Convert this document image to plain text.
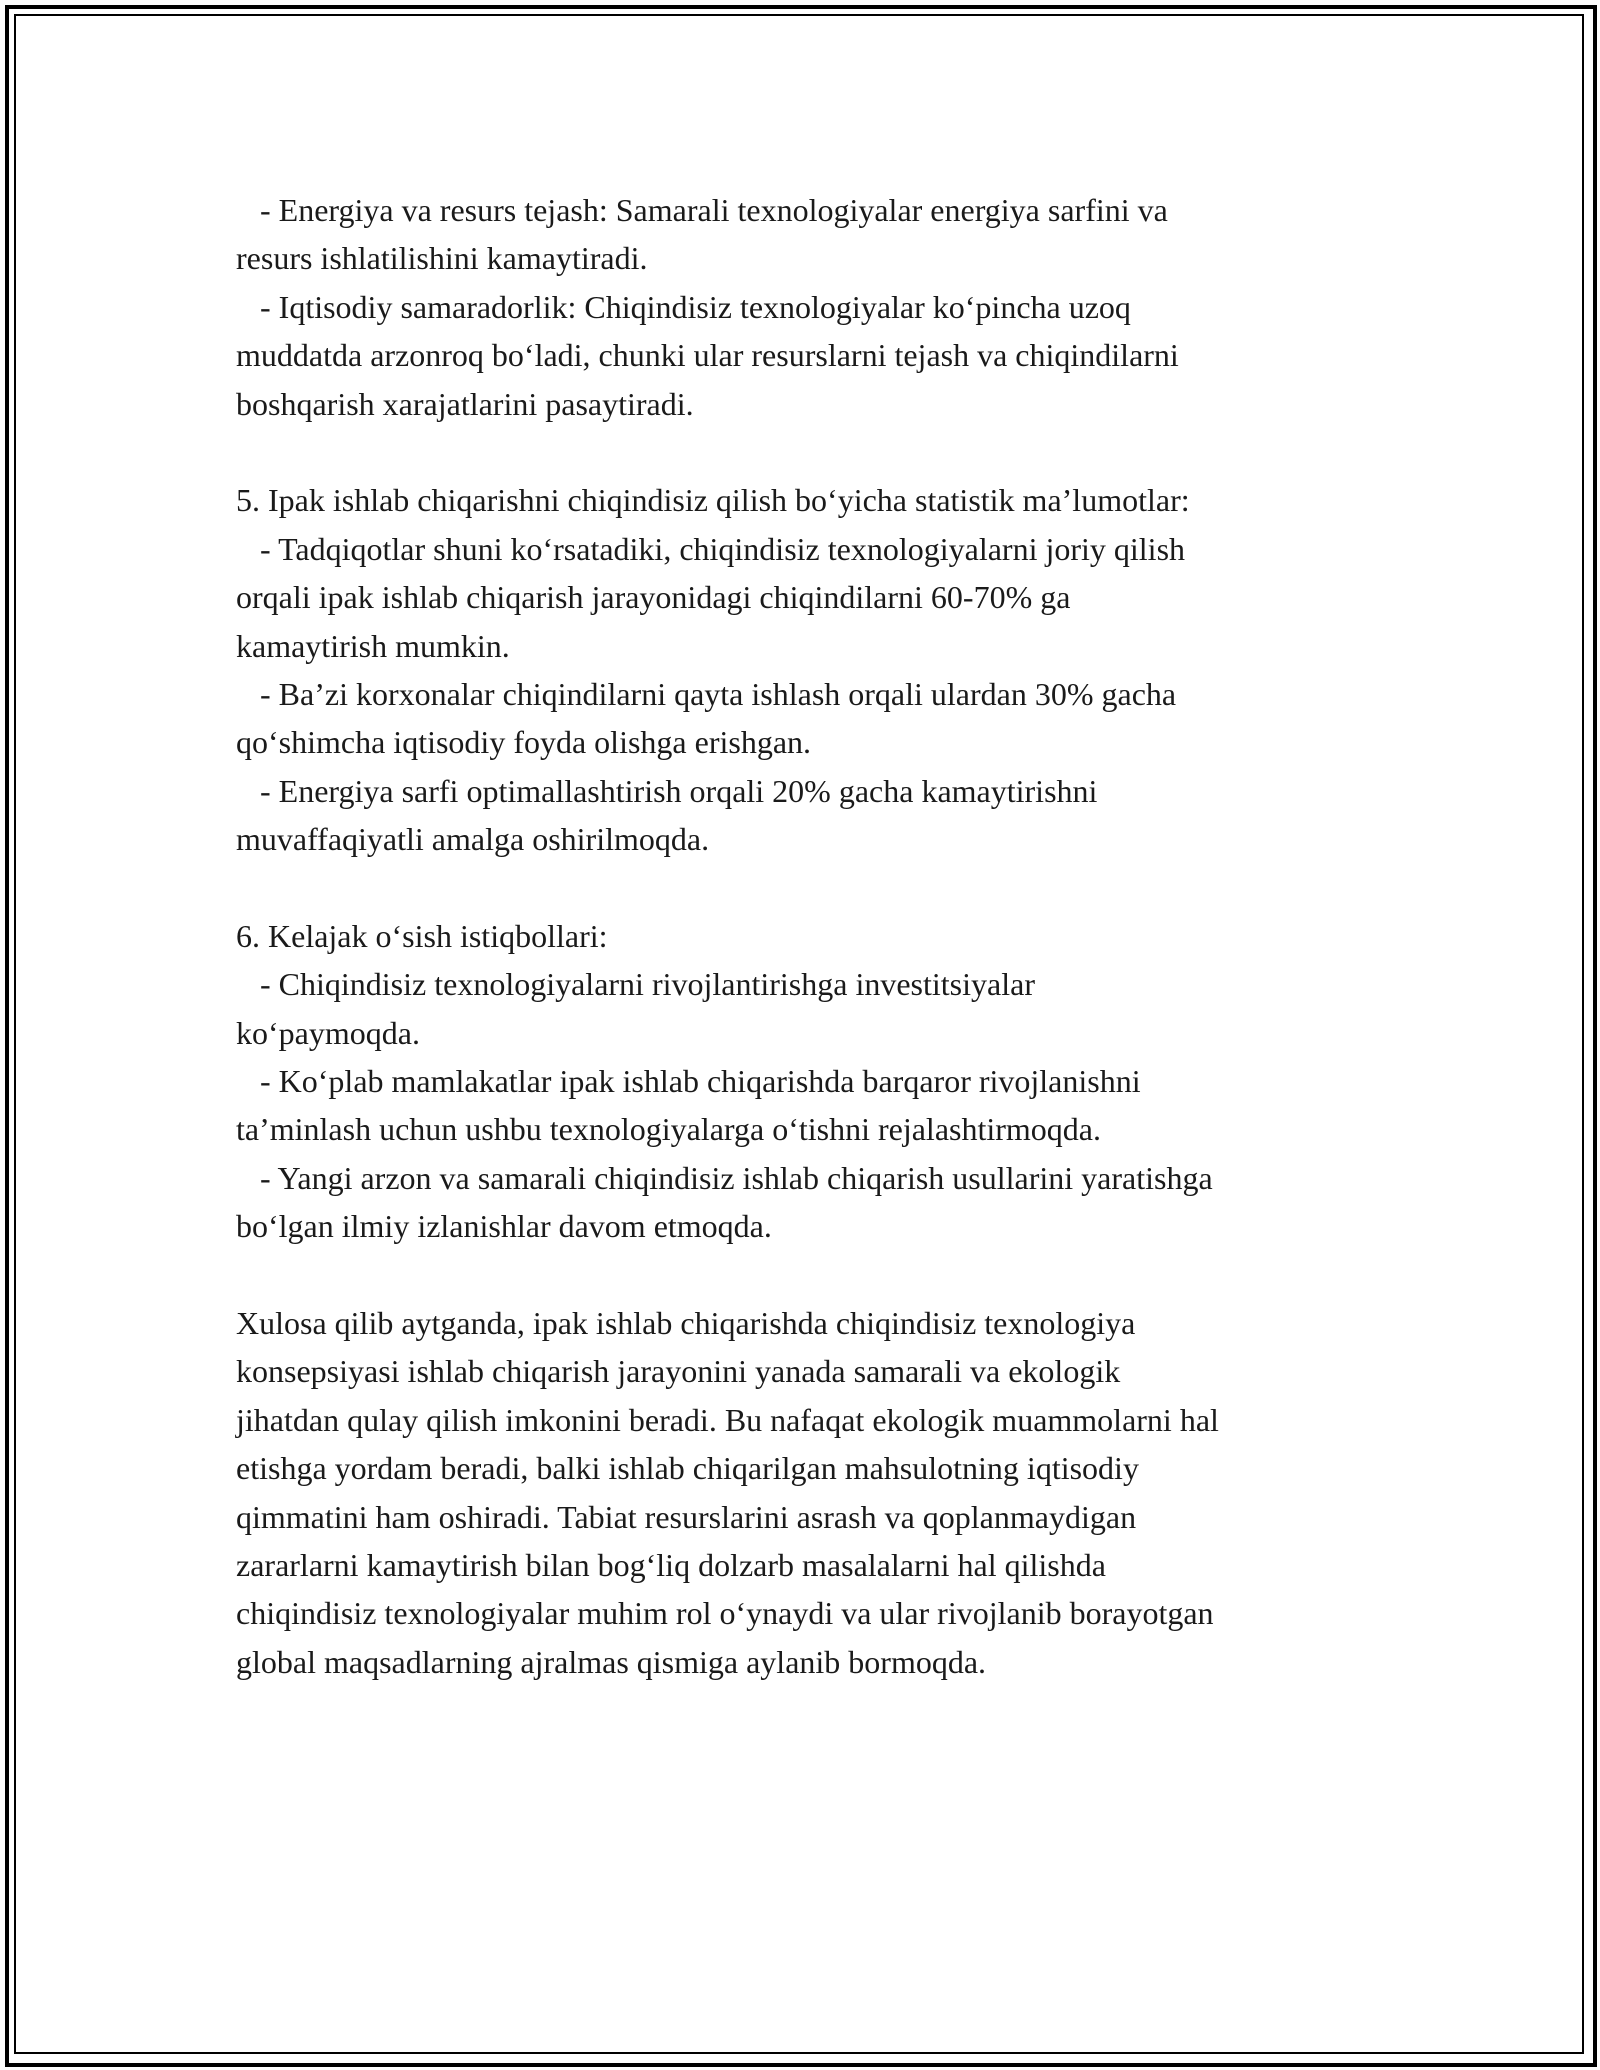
- Energiya va resurs tejash: Samarali texnologiyalar energiya sarfini va
resurs ishlatilishini kamaytiradi.
- Iqtisodiy samaradorlik: Chiqindisiz texnologiyalar ko‘pincha uzoq
muddatda arzonroq bo‘ladi, chunki ular resurslarni tejash va chiqindilarni
boshqarish xarajatlarini pasaytiradi.
5. Ipak ishlab chiqarishni chiqindisiz qilish bo‘yicha statistik ma’lumotlar:
- Tadqiqotlar shuni ko‘rsatadiki, chiqindisiz texnologiyalarni joriy qilish
orqali ipak ishlab chiqarish jarayonidagi chiqindilarni 60-70% ga
kamaytirish mumkin.
- Ba’zi korxonalar chiqindilarni qayta ishlash orqali ulardan 30% gacha
qo‘shimcha iqtisodiy foyda olishga erishgan.
- Energiya sarfi optimallashtirish orqali 20% gacha kamaytirishni
muvaffaqiyatli amalga oshirilmoqda.
6. Kelajak o‘sish istiqbollari:
- Chiqindisiz texnologiyalarni rivojlantirishga investitsiyalar
ko‘paymoqda.
- Ko‘plab mamlakatlar ipak ishlab chiqarishda barqaror rivojlanishni
ta’minlash uchun ushbu texnologiyalarga o‘tishni rejalashtirmoqda.
- Yangi arzon va samarali chiqindisiz ishlab chiqarish usullarini yaratishga
bo‘lgan ilmiy izlanishlar davom etmoqda.
Xulosa qilib aytganda, ipak ishlab chiqarishda chiqindisiz texnologiya
konsepsiyasi ishlab chiqarish jarayonini yanada samarali va ekologik
jihatdan qulay qilish imkonini beradi. Bu nafaqat ekologik muammolarni hal
etishga yordam beradi, balki ishlab chiqarilgan mahsulotning iqtisodiy
qimmatini ham oshiradi. Tabiat resurslarini asrash va qoplanmaydigan
zararlarni kamaytirish bilan bog‘liq dolzarb masalalarni hal qilishda
chiqindisiz texnologiyalar muhim rol o‘ynaydi va ular rivojlanib borayotgan
global maqsadlarning ajralmas qismiga aylanib bormoqda.
